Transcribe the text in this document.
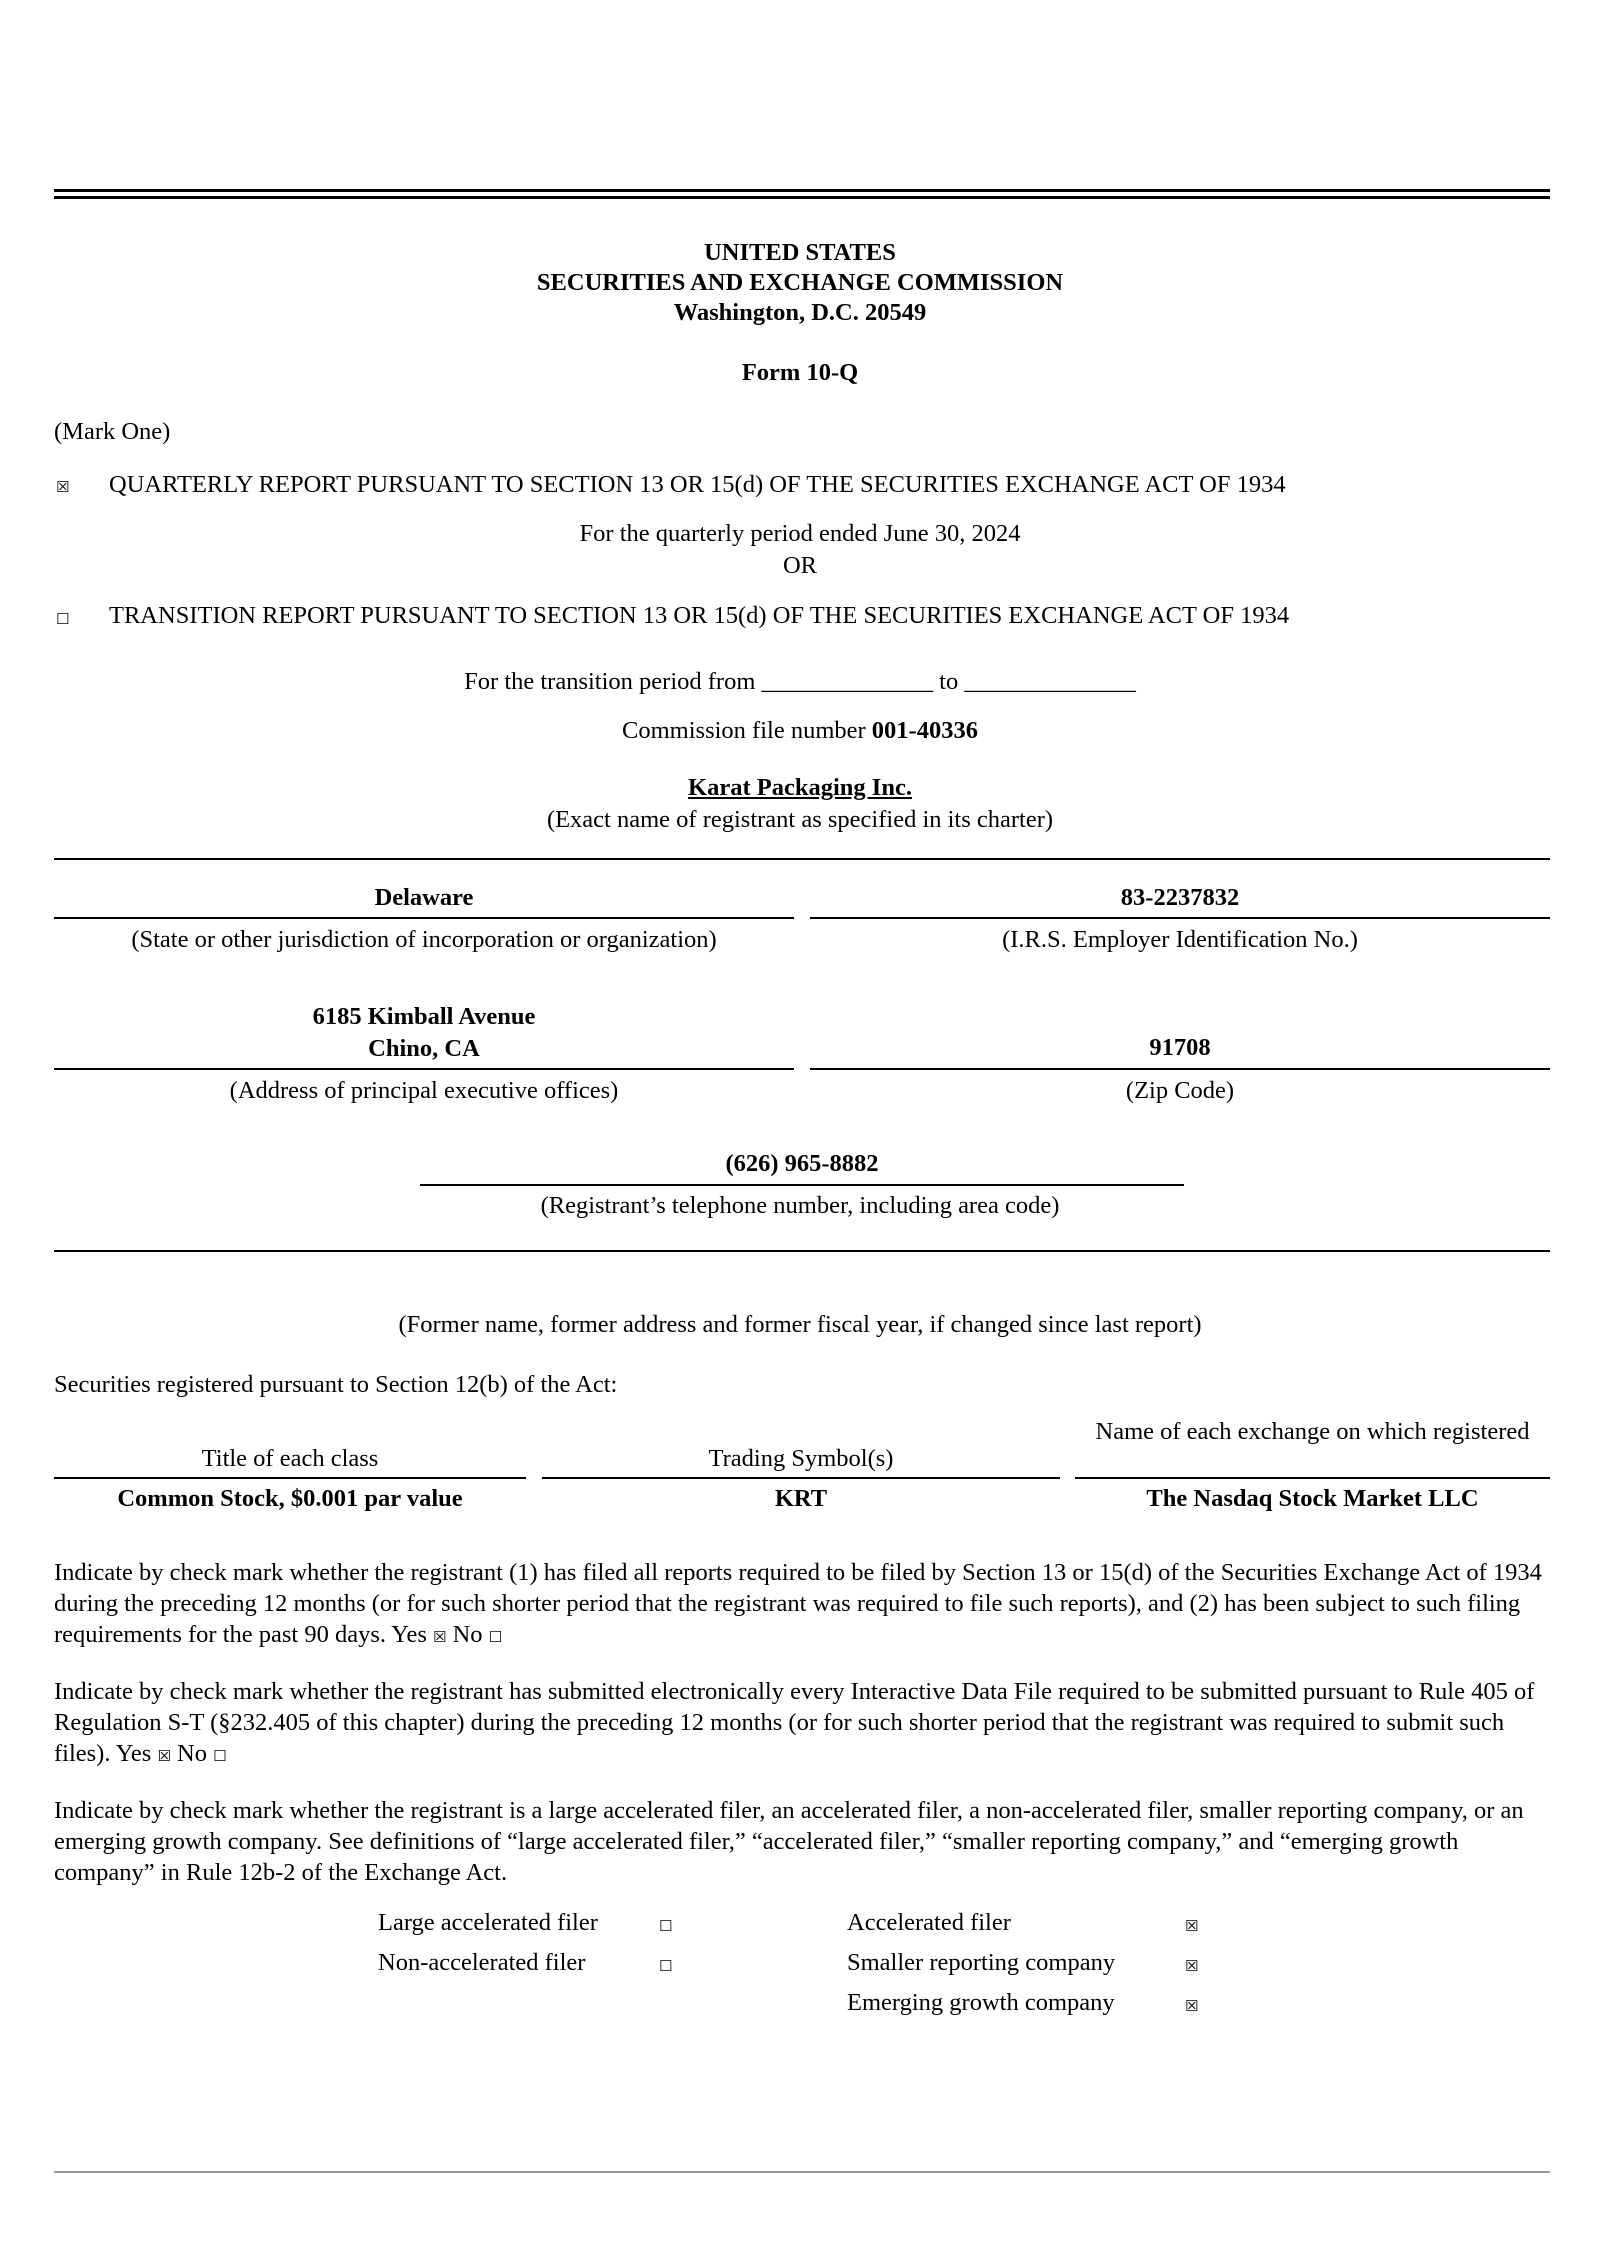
UNITED STATES
SECURITIES AND EXCHANGE COMMISSION
Washington, D.C. 20549
Form 10-Q
(Mark One)
☒ QUARTERLY REPORT PURSUANT TO SECTION 13 OR 15(d) OF THE SECURITIES EXCHANGE ACT OF 1934
For the quarterly period ended June 30, 2024
OR
☐ TRANSITION REPORT PURSUANT TO SECTION 13 OR 15(d) OF THE SECURITIES EXCHANGE ACT OF 1934
For the transition period from ______________ to ______________
Commission file number 001-40336
Karat Packaging Inc.
(Exact name of registrant as specified in its charter)
Delaware
(State or other jurisdiction of incorporation or organization)
83-2237832
(I.R.S. Employer Identification No.)
6185 Kimball Avenue
Chino, CA
(Address of principal executive offices)
91708
(Zip Code)
(626) 965-8882
(Registrant’s telephone number, including area code)
(Former name, former address and former fiscal year, if changed since last report)
Securities registered pursuant to Section 12(b) of the Act:
Title of each class	Trading Symbol(s)
Name of each exchange on which registered
Common Stock, $0.001 par value	KRT	The Nasdaq Stock Market LLC
Indicate by check mark whether the registrant (1) has filed all reports required to be filed by Section 13 or 15(d) of the Securities Exchange Act of 1934 during the preceding 12 months (or for such shorter period that the registrant was required to file such reports), and (2) has been subject to such filing requirements for the past 90 days. Yes ☒ No ☐
Indicate by check mark whether the registrant has submitted electronically every Interactive Data File required to be submitted pursuant to Rule 405 of Regulation S-T (§232.405 of this chapter) during the preceding 12 months (or for such shorter period that the registrant was required to submit such files). Yes ☒ No ☐
Indicate by check mark whether the registrant is a large accelerated filer, an accelerated filer, a non-accelerated filer, smaller reporting company, or an emerging growth company. See definitions of “large accelerated filer,” “accelerated filer,” “smaller reporting company,” and “emerging growth company” in Rule 12b-2 of the Exchange Act.
Large accelerated filer	☐
Non-accelerated filer	☐
Accelerated filer	☒
Smaller reporting company	☒
Emerging growth company	☒
